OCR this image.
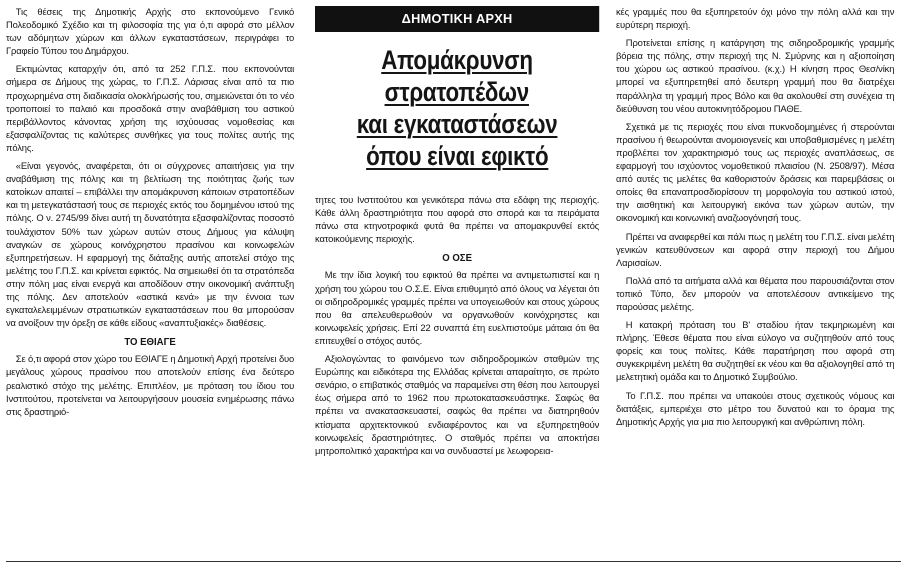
Τις θέσεις της Δημοτικής Αρχής στο εκπονούμενο Γενικό Πολεοδομικό Σχέδιο και τη φιλοσοφία της για ό,τι αφορά στο μέλλον των αδόμητων χώρων και άλλων εγκαταστάσεων, περιγράφει το Γραφείο Τύπου του Δημάρχου.

Εκτιμώντας καταρχήν ότι, από τα 252 Γ.Π.Σ. που εκπονούνται σήμερα σε Δήμους της χώρας, το Γ.Π.Σ. Λάρισας είναι από τα πιο προχωρημένα στη διαδικασία ολοκλήρωσής του, σημειώνεται ότι το νέο τροποποιεί το παλαιό και προσδοκά στην αναβάθμιση του αστικού περιβάλλοντος κάνοντας χρήση της ισχύουσας νομοθεσίας και εξασφαλίζοντας τις καλύτερες συνθήκες για τους πολίτες αυτής της πόλης.

«Είναι γεγονός, αναφέρεται, ότι οι σύγχρονες απαιτήσεις για την αναβάθμιση της πόλης και τη βελτίωση της ποιότητας ζωής των κατοίκων απαιτεί – επιβάλλει την απομάκρυνση κάποιων στρατοπέδων και τη μετεγκατάστασή τους σε περιοχές εκτός του δομημένου ιστού της πόλης. Ο ν. 2745/99 δίνει αυτή τη δυνατότητα εξασφαλίζοντας ποσοστό τουλάχιστον 50% των χώρων αυτών στους Δήμους για κάλυψη αναγκών σε χώρους κοινόχρηστου πρασίνου και κοινωφελών εξυπηρετήσεων. Η εφαρμογή της διάταξης αυτής αποτελεί στόχο της μελέτης του Γ.Π.Σ. και κρίνεται εφικτός. Να σημειωθεί ότι τα στρατόπεδα στην πόλη μας είναι ενεργά και αποδίδουν στην οικονομική ανάπτυξη της πόλης. Δεν αποτελούν «αστικά κενά» με την έννοια των εγκαταλελειμμένων στρατιωτικών εγκαταστάσεων που θα μπορούσαν να ανοίξουν την όρεξη σε κάθε είδους «αναπτυξιακές» διαθέσεις.

ΤΟ ΕΘΙΑΓΕ

Σε ό,τι αφορά στον χώρο του ΕΘΙΑΓΕ η Δημοτική Αρχή προτείνει δυο μεγάλους χώρους πρασίνου που αποτελούν επίσης ένα δεύτερο ρεαλιστικό στόχο της μελέτης. Επιπλέον, με πρόταση του ίδιου του Ινστιτούτου, προτείνεται να λειτουργήσουν μουσεία ενημέρωσης πάνω στις δραστηριό-

ΔΗΜΟΤΙΚΗ ΑΡΧΗ
Απομάκρυνση
στρατοπέδων
και εγκαταστάσεων
όπου είναι εφικτό

τητες του Ινστιτούτου και γενικότερα πάνω στα εδάφη της περιοχής. Κάθε άλλη δραστηριότητα που αφορά στο σπορά και τα πειράματα πάνω στα κτηνοτροφικά φυτά θα πρέπει να απομακρυνθεί εκτός κατοικούμενης περιοχής.

Ο ΟΣΕ

Με την ίδια λογική του εφικτού θα πρέπει να αντιμετωπιστεί και η χρήση του χώρου του Ο.Σ.Ε. Είναι επιθυμητό από όλους να λέγεται ότι οι σιδηροδρομικές γραμμές πρέπει να υπογειωθούν και στους χώρους που θα απελευθερωθούν να οργανωθούν κοινόχρηστες και κοινωφελείς χρήσεις. Επί 22 συναπτά έτη ευελπιστούμε μάταια ότι θα επιτευχθεί ο στόχος αυτός.

Αξιολογώντας το φαινόμενο των σιδηροδρομικών σταθμών της Ευρώπης και ειδικότερα της Ελλάδας κρίνεται απαραίτητο, σε πρώτο σενάριο, ο επιβατικός σταθμός να παραμείνει στη θέση που λειτουργεί έως σήμερα από το 1962 που πρωτοκατασκευάστηκε. Σαφώς θα πρέπει να ανακατασκευαστεί, σαφώς θα πρέπει να διατηρηθούν κτίσματα αρχιτεκτονικού ενδιαφέροντος και να εξυπηρετηθούν κοινωφελείς δραστηριότητες. Ο σταθμός πρέπει να αποκτήσει μητροπολιτικό χαρακτήρα και να συνδυαστεί με λεωφορεια-

κές γραμμές που θα εξυπηρετούν όχι μόνο την πόλη αλλά και την ευρύτερη περιοχή.

Προτείνεται επίσης η κατάργηση της σιδηροδρομικής γραμμής βόρεια της πόλης, στην περιοχή της Ν. Σμύρνης και η αξιοποίηση του χώρου ως αστικού πρασίνου. (κ.χ.) Η κίνηση προς Θεσ/νίκη μπορεί να εξυπηρετηθεί από δευτερη γραμμή που θα διατρέχει παράλληλα τη γραμμή προς Βόλο και θα ακολουθεί στη συνέχεια τη διεύθυνση του νέου αυτοκινητόδρομου ΠΑΘΕ.

Σχετικά με τις περιοχές που είναι πυκνοδομημένες ή στερούνται πρασίνου ή θεωρούνται ανομοιογενείς και υποβαθμισμένες η μελέτη προβλέπει τον χαρακτηρισμό τους ως περιοχές αναπλάσεως, σε εφαρμογή του ισχύοντος νομοθετικού πλαισίου (Ν. 2508/97). Μέσα από αυτές τις μελέτες θα καθοριστούν δράσεις και παρεμβάσεις οι οποίες θα επαναπροσδιορίσουν τη μορφολογία του αστικού ιστού, την αισθητική και λειτουργική εικόνα των χώρων αυτών, την οικονομική και κοινωνική αναζωογόνησή τους.

Πρέπει να αναφερθεί και πάλι πως η μελέτη του Γ.Π.Σ. είναι μελέτη γενικών κατευθύνσεων και αφορά στην περιοχή του Δήμου Λαρισαίων.

Πολλά από τα αιτήματα αλλά και θέματα που παρουσιάζονται στον τοπικό Τύπο, δεν μπορούν να αποτελέσουν αντικείμενο της παρούσας μελέτης.

Η κατακρή πρόταση του Β' σταδίου ήταν τεκμηριωμένη και πλήρης. Έθεσε θέματα που είναι εύλογο να συζητηθούν από τους φορείς και τους πολίτες. Κάθε παρατήρηση που αφορά στη συγκεκριμένη μελέτη θα συζητηθεί εκ νέου και θα αξιολογηθεί από τη μελετητική ομάδα και το Δημοτικό Συμβούλιο.

Το Γ.Π.Σ. που πρέπει να υπακούει στους σχετικούς νόμους και διατάξεις, εμπεριέχει στο μέτρο του δυνατού και το όραμα της Δημοτικής Αρχής για μια πιο λειτουργική και ανθρώπινη πόλη.
